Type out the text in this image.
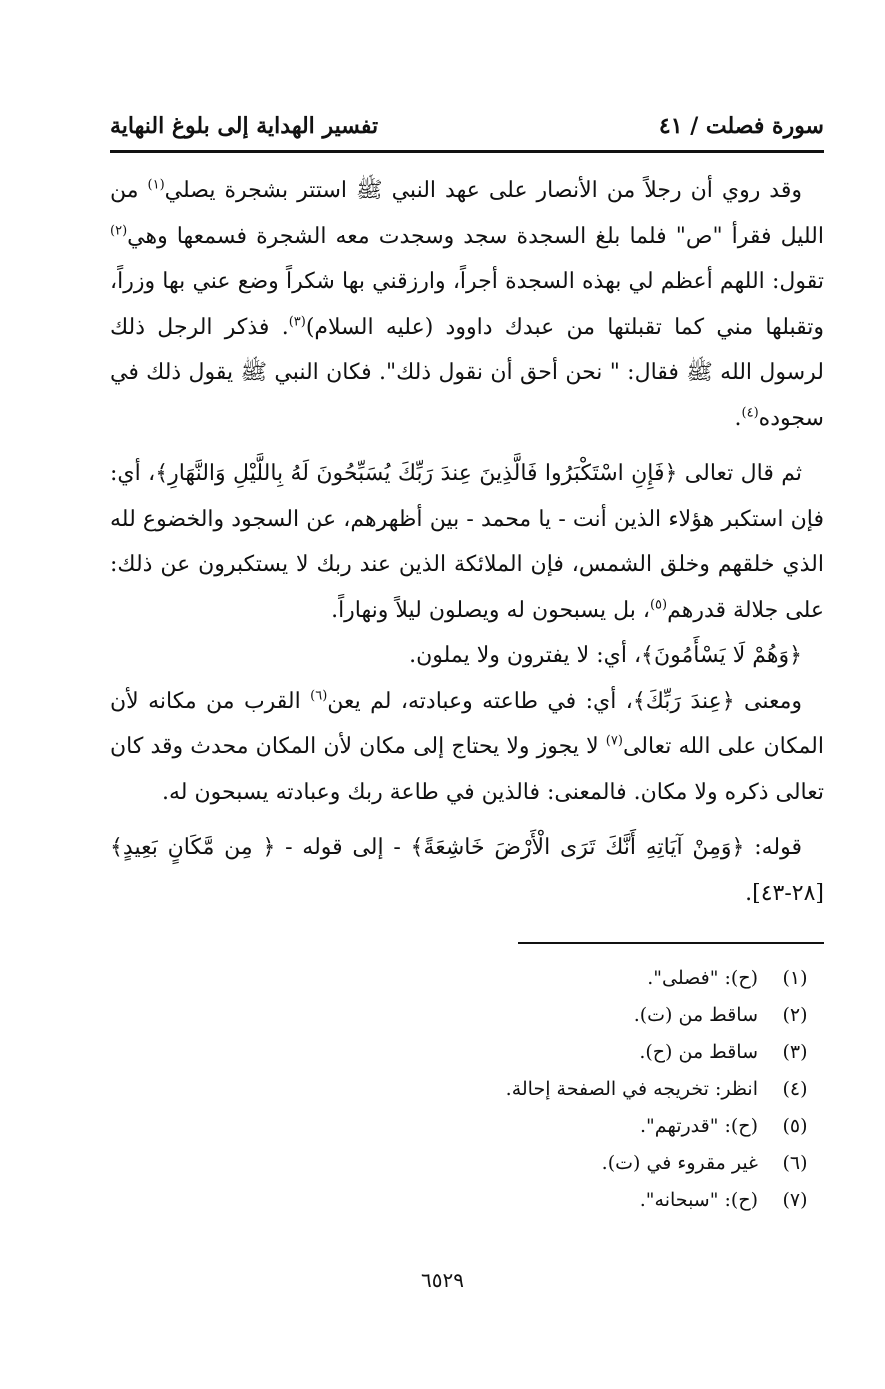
تفسير الهداية إلى بلوغ النهاية	سورة فصلت / ٤١

وقد روي أن رجلاً من الأنصار على عهد النبي ﷺ استتر بشجرة يصلي$^{(١)}$ من الليل فقرأ "ص" فلما بلغ السجدة سجد وسجدت معه الشجرة فسمعها وهي$^{(٢)}$ تقول: اللهم أعظم لي بهذه السجدة أجراً، وارزقني بها شكراً وضع عني بها وزراً، وتقبلها مني كما تقبلتها من عبدك داوود (عليه السلام)$^{(٣)}$. فذكر الرجل ذلك لرسول الله ﷺ فقال: " نحن أحق أن نقول ذلك". فكان النبي ﷺ يقول ذلك في سجوده$^{(٤)}$.

ثم قال تعالى ﴿فَإِنِ اسْتَكْبَرُوا فَالَّذِينَ عِندَ رَبِّكَ يُسَبِّحُونَ لَهُ بِاللَّيْلِ وَالنَّهَارِ﴾، أي: فإن استكبر هؤلاء الذين أنت - يا محمد - بين أظهرهم، عن السجود والخضوع لله الذي خلقهم وخلق الشمس، فإن الملائكة الذين عند ربك لا يستكبرون عن ذلك: على جلالة قدرهم$^{(٥)}$، بل يسبحون له ويصلون ليلاً ونهاراً.

﴿وَهُمْ لَا يَسْأَمُونَ﴾، أي: لا يفترون ولا يملون.

ومعنى ﴿عِندَ رَبِّكَ﴾، أي: في طاعته وعبادته، لم يعن$^{(٦)}$ القرب من مكانه لأن المكان على الله تعالى$^{(٧)}$ لا يجوز ولا يحتاج إلى مكان لأن المكان محدث وقد كان تعالى ذكره ولا مكان. فالمعنى: فالذين في طاعة ربك وعبادته يسبحون له.

قوله: ﴿وَمِنْ آيَاتِهِ أَنَّكَ تَرَى الْأَرْضَ خَاشِعَةً﴾ - إلى قوله - ﴿ مِن مَّكَانٍ بَعِيدٍ﴾ [٢٨-٤٣].

(١)
(ح): "فصلى".
(٢)
ساقط من (ت).
(٣)
ساقط من (ح).
(٤)
انظر: تخريجه في الصفحة إحالة.
(٥)
(ح): "قدرتهم".
(٦)
غير مقروء في (ت).
(٧)
(ح): "سبحانه".
٦٥٢٩
